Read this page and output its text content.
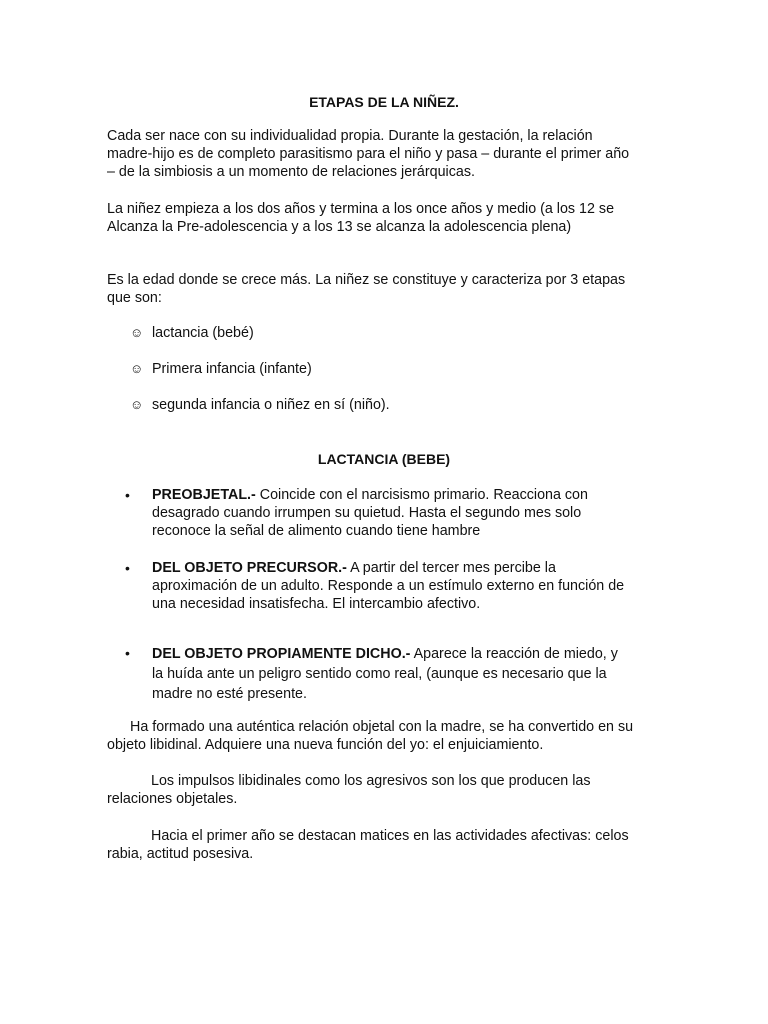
ETAPAS DE LA NIÑEZ.
Cada ser nace con su individualidad propia. Durante la gestación, la relación
madre-hijo es de completo parasitismo para el niño y pasa – durante el primer año
– de la simbiosis a un momento de relaciones jerárquicas.
La niñez empieza a los dos años y termina a los once años y medio (a los 12 se
Alcanza la Pre-adolescencia y a los 13 se alcanza la adolescencia plena)
Es la edad donde se crece más. La niñez se constituye y caracteriza por 3 etapas
que son:
☺ lactancia (bebé)
☺ Primera infancia (infante)
☺ segunda infancia o niñez en sí (niño).
LACTANCIA (BEBE)
• PREOBJETAL.- Coincide con el narcisismo primario. Reacciona con
desagrado cuando irrumpen su quietud. Hasta el segundo mes solo
reconoce la señal de alimento cuando tiene hambre
• DEL OBJETO PRECURSOR.- A partir del tercer mes percibe la
aproximación de un adulto. Responde a un estímulo externo en función de
una necesidad insatisfecha. El intercambio afectivo.
• DEL OBJETO PROPIAMENTE DICHO.- Aparece la reacción de miedo, y
la huída ante un peligro sentido como real, (aunque es necesario que la
madre no esté presente.
Ha formado una auténtica relación objetal con la madre, se ha convertido en su
objeto libidinal. Adquiere una nueva función del yo: el enjuiciamiento.
Los impulsos libidinales como los agresivos son los que producen las
relaciones objetales.
Hacia el primer año se destacan matices en las actividades afectivas: celos
rabia, actitud posesiva.
